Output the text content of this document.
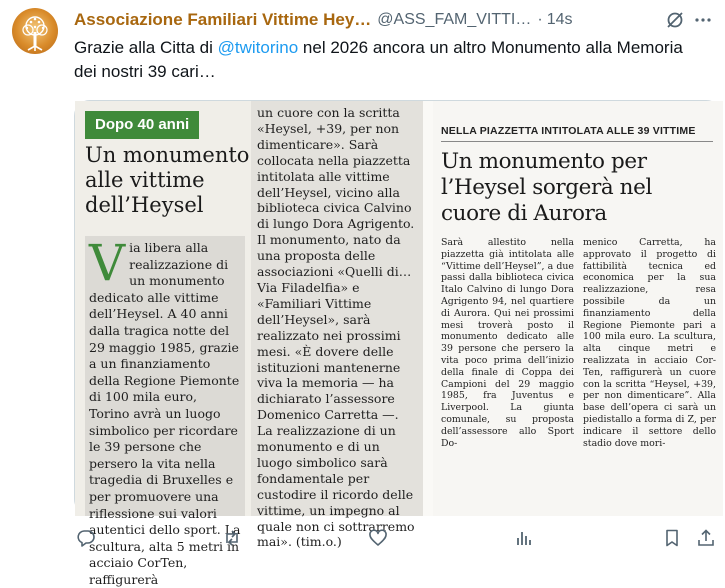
Associazione Familiari Vittime Hey… @ASS_FAM_VITTI… · 14s
Grazie alla Citta di @twitorino nel 2026 ancora un altro Monumento alla Memoria dei nostri 39 cari…
Dopo 40 anni
Un monumento alle vittime dell’Heysel
Via libera alla realizzazione di un monumento dedicato alle vittime dell’Heysel. A 40 anni dalla tragica notte del 29 maggio 1985, grazie a un finanziamento della Regione Piemonte di 100 mila euro, Torino avrà un luogo simbolico per ricordare le 39 persone che persero la vita nella tragedia di Bruxelles e per promuovere una riflessione sui valori autentici dello sport. La scultura, alta 5 metri in acciaio CorTen, raffigurerà
un cuore con la scritta «Heysel, +39, per non dimenticare». Sarà collocata nella piazzetta intitolata alle vittime dell’Heysel, vicino alla biblioteca civica Calvino di lungo Dora Agrigento. Il monumento, nato da una proposta delle associazioni «Quelli di…Via Filadelfia» e «Familiari Vittime dell’Heysel», sarà realizzato nei prossimi mesi. «È dovere delle istituzioni mantenerne viva la memoria — ha dichiarato l’assessore Domenico Carretta —. La realizzazione di un monumento e di un luogo simbolico sarà fondamentale per custodire il ricordo delle vittime, un impegno al quale non ci sottrarremo mai». (tim.o.)
NELLA PIAZZETTA INTITOLATA ALLE 39 VITTIME
Un monumento per l’Heysel sorgerà nel cuore di Aurora
Sarà allestito nella piazzetta già intitolata alle “Vittime dell’Heysel”, a due passi dalla biblioteca civica Italo Calvino di lungo Dora Agrigento 94, nel quartiere di Aurora. Qui nei prossimi mesi troverà posto il monumento dedicato alle 39 persone che persero la vita poco prima dell’inizio della finale di Coppa dei Campioni del 29 maggio 1985, fra Juventus e Liverpool. La giunta comunale, su proposta dell’assessore allo Sport Do-
menico Carretta, ha approvato il progetto di fattibilità tecnica ed economica per la sua realizzazione, resa possibile da un finanziamento della Regione Piemonte pari a 100 mila euro. La scultura, alta cinque metri e realizzata in acciaio Cor-Ten, raffigurerà un cuore con la scritta “Heysel, +39, per non dimenticare”. Alla base dell’opera ci sarà un piedistallo a forma di Z, per indicare il settore dello stadio dove mori-
